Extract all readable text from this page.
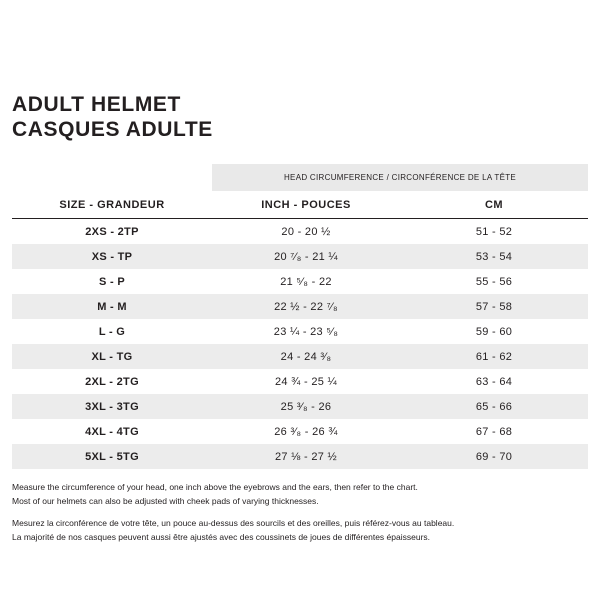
ADULT HELMET
CASQUES ADULTE
	HEAD CIRCUMFERENCE / CIRCONFÉRENCE DE LA TÊTE	
SIZE - GRANDEUR	INCH - POUCES	CM
2XS - 2TP	20 - 20 ½	51 - 52
XS - TP	20 ⁷⁄₈ - 21 ¼	53 - 54
S - P	21 ⁵⁄₈ - 22	55 - 56
M - M	22 ½ - 22 ⁷⁄₈	57 - 58
L - G	23 ¼ - 23 ⁵⁄₈	59 - 60
XL - TG	24 - 24 ³⁄₈	61 - 62
2XL - 2TG	24 ¾ - 25 ¼	63 - 64
3XL - 3TG	25 ³⁄₈ - 26	65 - 66
4XL - 4TG	26 ³⁄₈ - 26 ¾	67 - 68
5XL - 5TG	27 ⅛ - 27 ½	69 - 70

Measure the circumference of your head, one inch above the eyebrows and the ears, then refer to the chart.

Most of our helmets can also be adjusted with cheek pads of varying thicknesses.

Mesurez la circonférence de votre tête, un pouce au-dessus des sourcils et des oreilles, puis référez-vous au tableau.

La majorité de nos casques peuvent aussi être ajustés avec des coussinets de joues de différentes épaisseurs.
